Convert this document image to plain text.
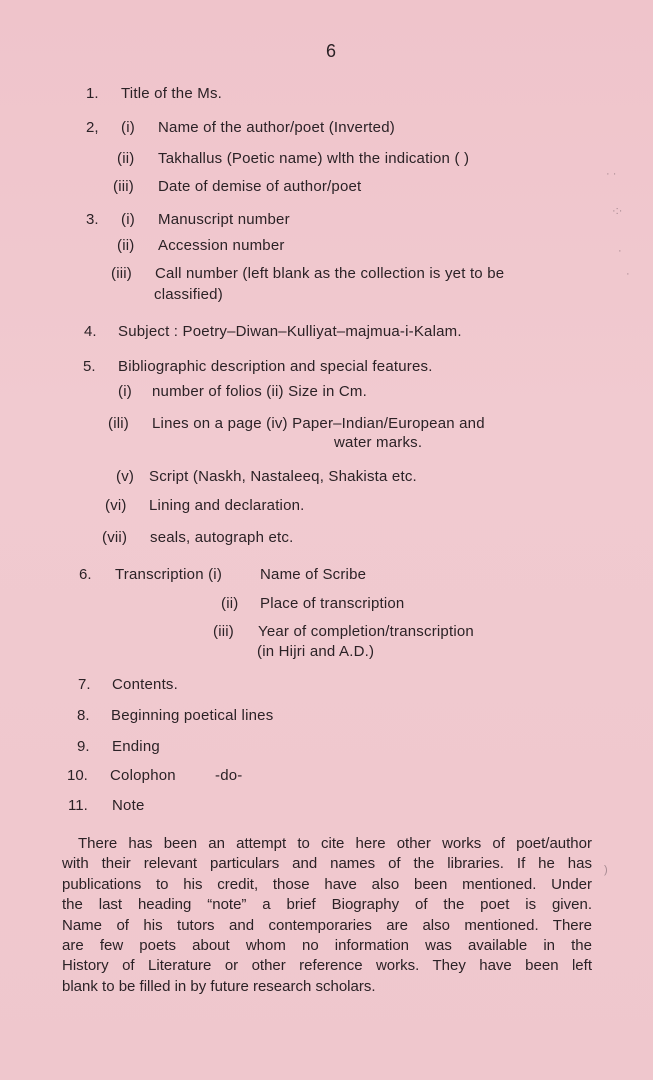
6
1. Title of the Ms.
2, (i) Name of the author/poet (Inverted)
(ii) Takhallus (Poetic name) wlth the indication ( )
(iii) Date of demise of author/poet
3. (i) Manuscript number
(ii) Accession number
(iii) Call number (left blank as the collection is yet to be
classified)
4. Subject : Poetry–Diwan–Kulliyat–majmua-i-Kalam.
5. Bibliographic description and special features.
(i) number of folios (ii) Size in Cm.
(ili) Lines on a page (iv) Paper–Indian/European and
water marks.
(v) Script (Naskh, Nastaleeq, Shakista etc.
(vi) Lining and declaration.
(vii) seals, autograph etc.
6. Transcription (i)	Name of Scribe
(ii) Place of transcription
(iii) Year of completion/transcription
(in Hijri and A.D.)
7. Contents.
8. Beginning poetical lines
9. Ending
10. Colophon	-do-
11. Note
There has been an attempt to cite here other works of poet/author
with their relevant particulars and names of the libraries. If he has
publications to his credit, those have also been mentioned. Under
the last heading “note” a brief Biography of the poet is given.
Name of his tutors and contemporaries are also mentioned. There
are few poets about whom no information was available in the
History of Literature or other reference works. They have been left
blank to be filled in by future research scholars.
· ·
·:·
·
·
)
